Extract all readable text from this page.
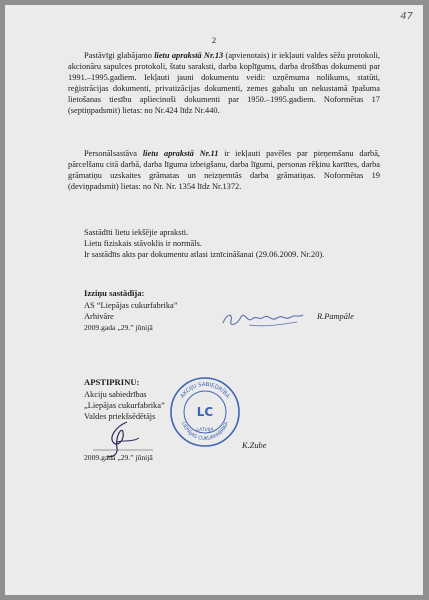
47
2
Pastāvīgi glabājamo lietu aprakstā Nr.13 (apvienotais) ir iekļauti valdes sēžu protokoli, akcionāru sapulces protokoli, štatu saraksti, darba koplīgums, darba drošības dokumenti par 1991.–1995.gadiem. Iekļauti jauni dokumentu veidi: uzņēmuma nolikums, statūti, reģistrācijas dokumenti, privatizācijas dokumenti, zemes gabalu un nekustamā īpašuma lietošanas tiesību apliecinoši dokumenti par 1950.–1995.gadiem. Noformētas 17 (septiņpadsmit) lietas: no Nr.424 līdz Nr.440.
Personālsastāva lietu aprakstā Nr.11 ir iekļauti pavēles par pieņemšanu darbā, pārcelšanu citā darbā, darba līguma izbeigšanu, darba līgumi, personas rēķinu kartītes, darba grāmatiņu uzskaites grāmatas un neizņemtās darba grāmatiņas. Noformētas 19 (deviņpadsmit) lietas: no Nr. Nr. 1354 līdz Nr.1372.
Sastādīti lietu iekšējie apraksti.
Lietu fiziskais stāvoklis ir normāls.
Ir sastādīts akts par dokumentu atlasi iznīcināšanai (29.06.2009. Nr.20).
Izziņu sastādīja:
AS “Liepājas cukurfabrika”
Arhivāre
2009.gada „29.” jūnijā
R.Pampāle
APSTIPRINU:
Akciju sabiedrības
„Liepājas cukurfabrika”
Valdes priekšsēdētājs
AKCIJU SABIEDRĪBA
LIEPĀJAS CUKURFABRIKA
LATVIJA
LC
K.Zube
2009.gada „29.” jūnijā
